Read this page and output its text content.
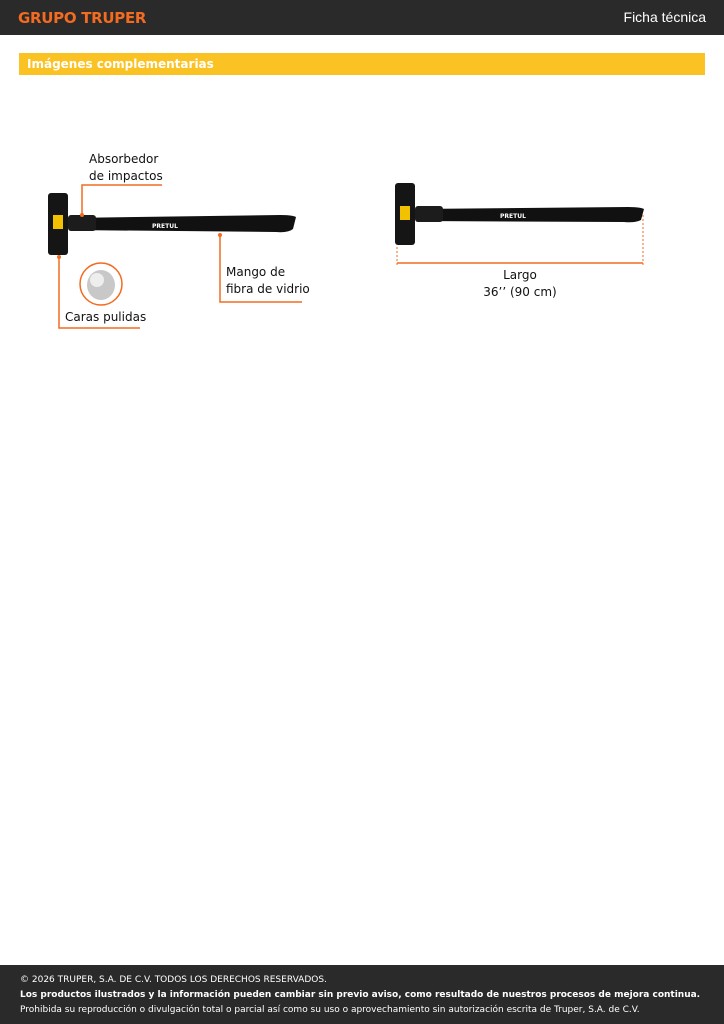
GRUPO TRUPER	Ficha técnica
Imágenes complementarias
PRETUL
Absorbedor
de impactos
Mango de
fibra de vidrio
Caras pulidas
PRETUL
Largo
36’’ (90 cm)
© 2026 TRUPER, S.A. DE C.V. TODOS LOS DERECHOS RESERVADOS.
Los productos ilustrados y la información pueden cambiar sin previo aviso, como resultado de nuestros procesos de mejora continua.
Prohibida su reproducción o divulgación total o parcial así como su uso o aprovechamiento sin autorización escrita de Truper, S.A. de C.V.
